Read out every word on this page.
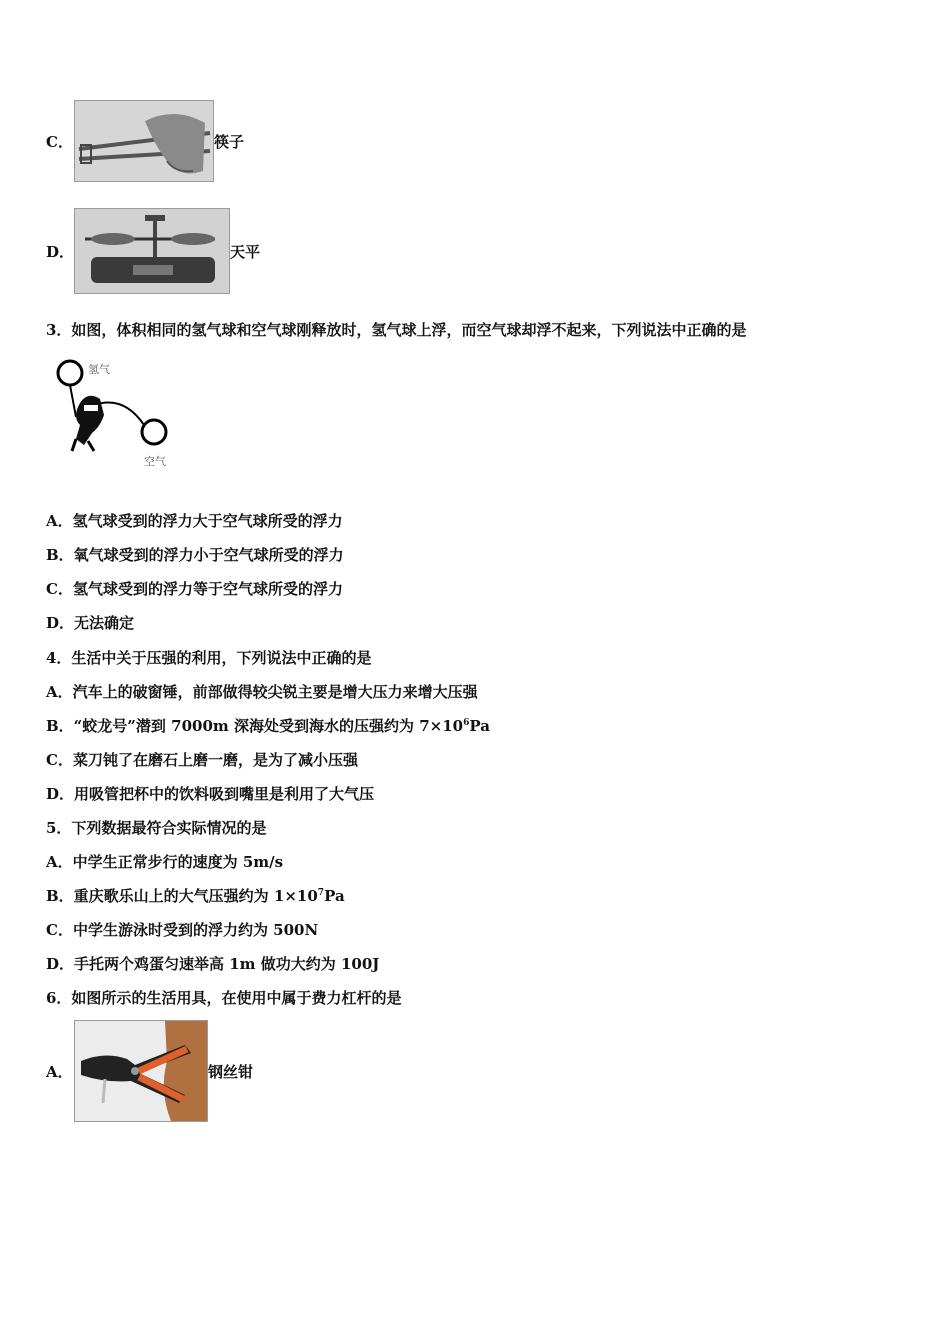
C．	筷子
D．	天平
3．如图，体积相同的氢气球和空气球刚释放时，氢气球上浮，而空气球却浮不起来，下列说法中正确的是
氢气
空气
A．氢气球受到的浮力大于空气球所受的浮力
B．氧气球受到的浮力小于空气球所受的浮力
C．氢气球受到的浮力等于空气球所受的浮力
D．无法确定
4．生活中关于压强的利用，下列说法中正确的是
A．汽车上的破窗锤，前部做得较尖锐主要是增大压力来增大压强
B．“蛟龙号”潜到 7000m 深海处受到海水的压强约为 $7\times 10^6Pa$
C．菜刀钝了在磨石上磨一磨，是为了减小压强
D．用吸管把杯中的饮料吸到嘴里是利用了大气压
5．下列数据最符合实际情况的是
A．中学生正常步行的速度为 5m/s
B．重庆歌乐山上的大气压强约为 $1\times 10^7Pa$
C．中学生游泳时受到的浮力约为 500N
D．手托两个鸡蛋匀速举高 1m 做功大约为 100J
6．如图所示的生活用具，在使用中属于费力杠杆的是
A．	钢丝钳
